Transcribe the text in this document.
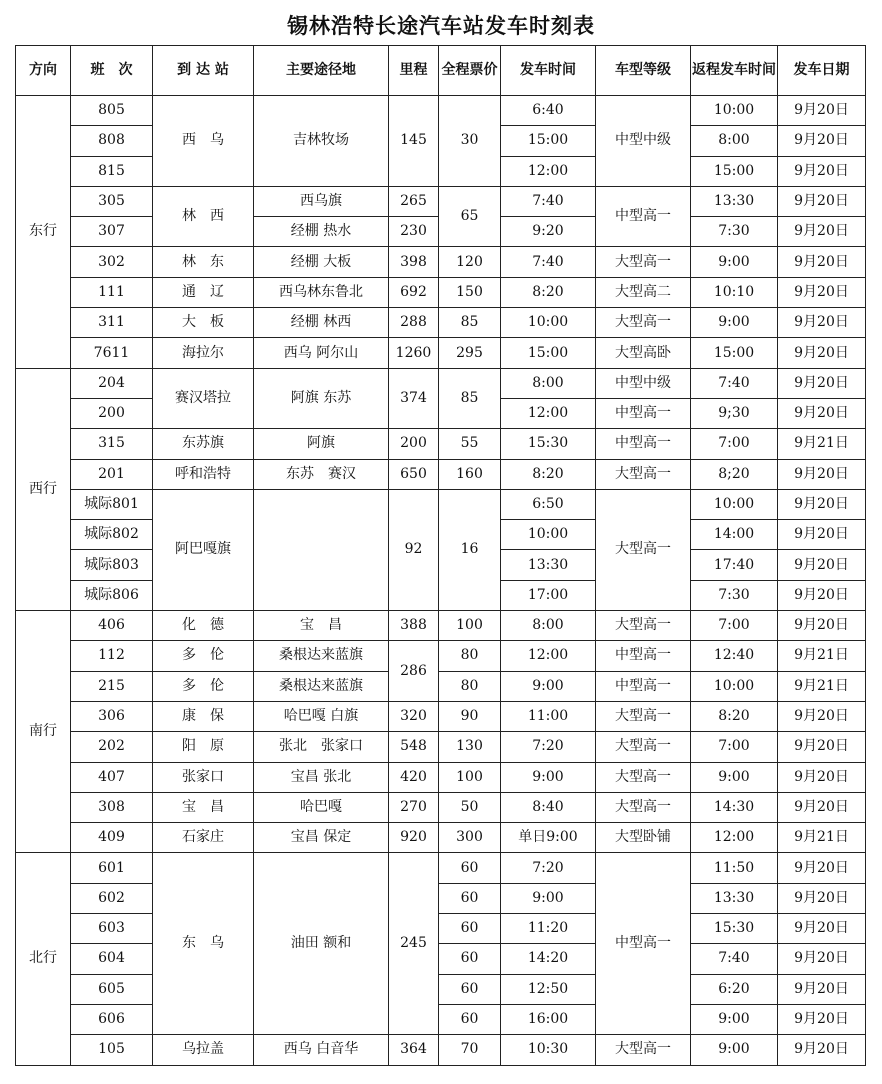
锡林浩特长途汽车站发车时刻表
方向	班　次	到 达 站	主要途径地	里程	全程票价	发车时间	车型等级	返程发车时间	发车日期
东行	805	西　乌	吉林牧场	145	30	6:40	中型中级	10:00	9月20日
	808					15:00		8:00	9月20日
	815					12:00		15:00	9月20日
	305	林　西	西乌旗	265	65	7:40	中型高一	13:30	9月20日
	307		经棚 热水	230		9:20		7:30	9月20日
	302	林　东	经棚 大板	398	120	7:40	大型高一	9:00	9月20日
	111	通　辽	西乌林东鲁北	692	150	8:20	大型高二	10:10	9月20日
	311	大　板	经棚 林西	288	85	10:00	大型高一	9:00	9月20日
	7611	海拉尔	西乌 阿尔山	1260	295	15:00	大型高卧	15:00	9月20日
西行	204	赛汉塔拉	阿旗 东苏	374	85	8:00	中型中级	7:40	9月20日
	200					12:00	中型高一	9;30	9月20日
	315	东苏旗	阿旗	200	55	15:30	中型高一	7:00	9月21日
	201	呼和浩特	东苏　赛汉	650	160	8:20	大型高一	8;20	9月20日
	城际801	阿巴嘎旗		92	16	6:50	大型高一	10:00	9月20日
	城际802					10:00		14:00	9月20日
	城际803					13:30		17:40	9月20日
	城际806					17:00		7:30	9月20日
南行	406	化　德	宝　昌	388	100	8:00	大型高一	7:00	9月20日
	112	多　伦	桑根达来蓝旗	286	80	12:00	中型高一	12:40	9月21日
	215	多　伦	桑根达来蓝旗		80	9:00	中型高一	10:00	9月21日
	306	康　保	哈巴嘎 白旗	320	90	11:00	大型高一	8:20	9月20日
	202	阳　原	张北　张家口	548	130	7:20	大型高一	7:00	9月20日
	407	张家口	宝昌 张北	420	100	9:00	大型高一	9:00	9月20日
	308	宝　昌	哈巴嘎	270	50	8:40	大型高一	14:30	9月20日
	409	石家庄	宝昌 保定	920	300	单日9:00	大型卧铺	12:00	9月21日
北行	601	东　乌	油田 额和	245	60	7:20	中型高一	11:50	9月20日
	602				60	9:00		13:30	9月20日
	603				60	11:20		15:30	9月20日
	604				60	14:20		7:40	9月20日
	605				60	12:50		6:20	9月20日
	606				60	16:00		9:00	9月20日
	105	乌拉盖	西乌 白音华	364	70	10:30	大型高一	9:00	9月20日
